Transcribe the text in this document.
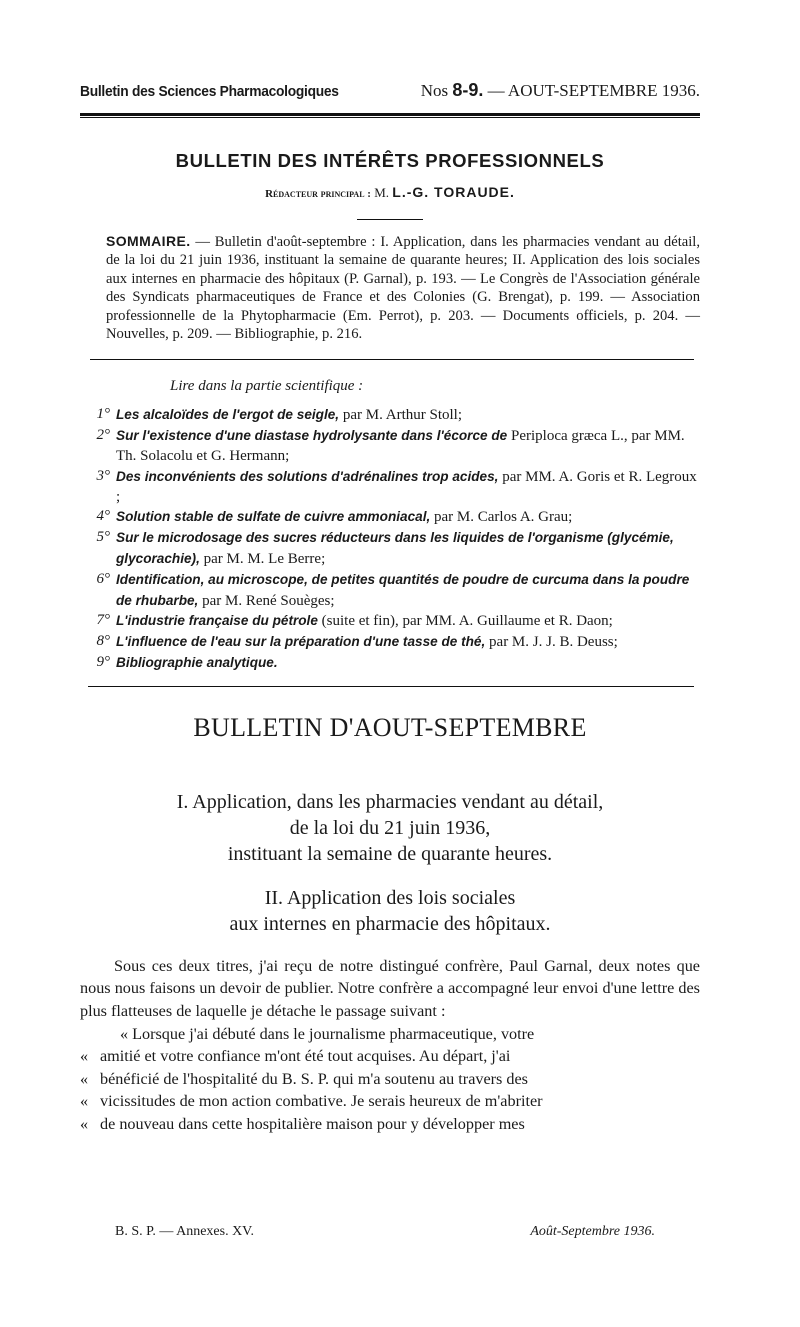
Bulletin des Sciences Pharmacologiques	Nos 8-9. — AOUT-SEPTEMBRE 1936.
BULLETIN DES INTÉRÊTS PROFESSIONNELS
Rédacteur principal : M. L.-G. TORAUDE.
SOMMAIRE. — Bulletin d'août-septembre : I. Application, dans les pharmacies vendant au détail, de la loi du 21 juin 1936, instituant la semaine de quarante heures; II. Application des lois sociales aux internes en pharmacie des hôpitaux (P. Garnal), p. 193. — Le Congrès de l'Association générale des Syndicats pharmaceutiques de France et des Colonies (G. Brengat), p. 199. — Association professionnelle de la Phytopharmacie (Em. Perrot), p. 203. — Documents officiels, p. 204. — Nouvelles, p. 209. — Bibliographie, p. 216.
Lire dans la partie scientifique :
1° Les alcaloïdes de l'ergot de seigle, par M. Arthur Stoll;
2° Sur l'existence d'une diastase hydrolysante dans l'écorce de Periploca græca L., par MM. Th. Solacolu et G. Hermann;
3° Des inconvénients des solutions d'adrénalines trop acides, par MM. A. Goris et R. Legroux ;
4° Solution stable de sulfate de cuivre ammoniacal, par M. Carlos A. Grau;
5° Sur le microdosage des sucres réducteurs dans les liquides de l'organisme (glycémie, glycorachie), par M. M. Le Berre;
6° Identification, au microscope, de petites quantités de poudre de curcuma dans la poudre de rhubarbe, par M. René Souèges;
7° L'industrie française du pétrole (suite et fin), par MM. A. Guillaume et R. Daon;
8° L'influence de l'eau sur la préparation d'une tasse de thé, par M. J. J. B. Deuss;
9° Bibliographie analytique.
BULLETIN D'AOUT-SEPTEMBRE
I. Application, dans les pharmacies vendant au détail,
de la loi du 21 juin 1936,
instituant la semaine de quarante heures.
II. Application des lois sociales
aux internes en pharmacie des hôpitaux.

Sous ces deux titres, j'ai reçu de notre distingué confrère, Paul Garnal, deux notes que nous nous faisons un devoir de publier. Notre confrère a accompagné leur envoi d'une lettre des plus flatteuses de laquelle je détache le passage suivant :

« Lorsque j'ai débuté dans le journalisme pharmaceutique, votre

« amitié et votre confiance m'ont été tout acquises. Au départ, j'ai

« bénéficié de l'hospitalité du B. S. P. qui m'a soutenu au travers des

« vicissitudes de mon action combative. Je serais heureux de m'abriter

« de nouveau dans cette hospitalière maison pour y développer mes

B. S. P. — Annexes. XV.	Août-Septembre 1936.
